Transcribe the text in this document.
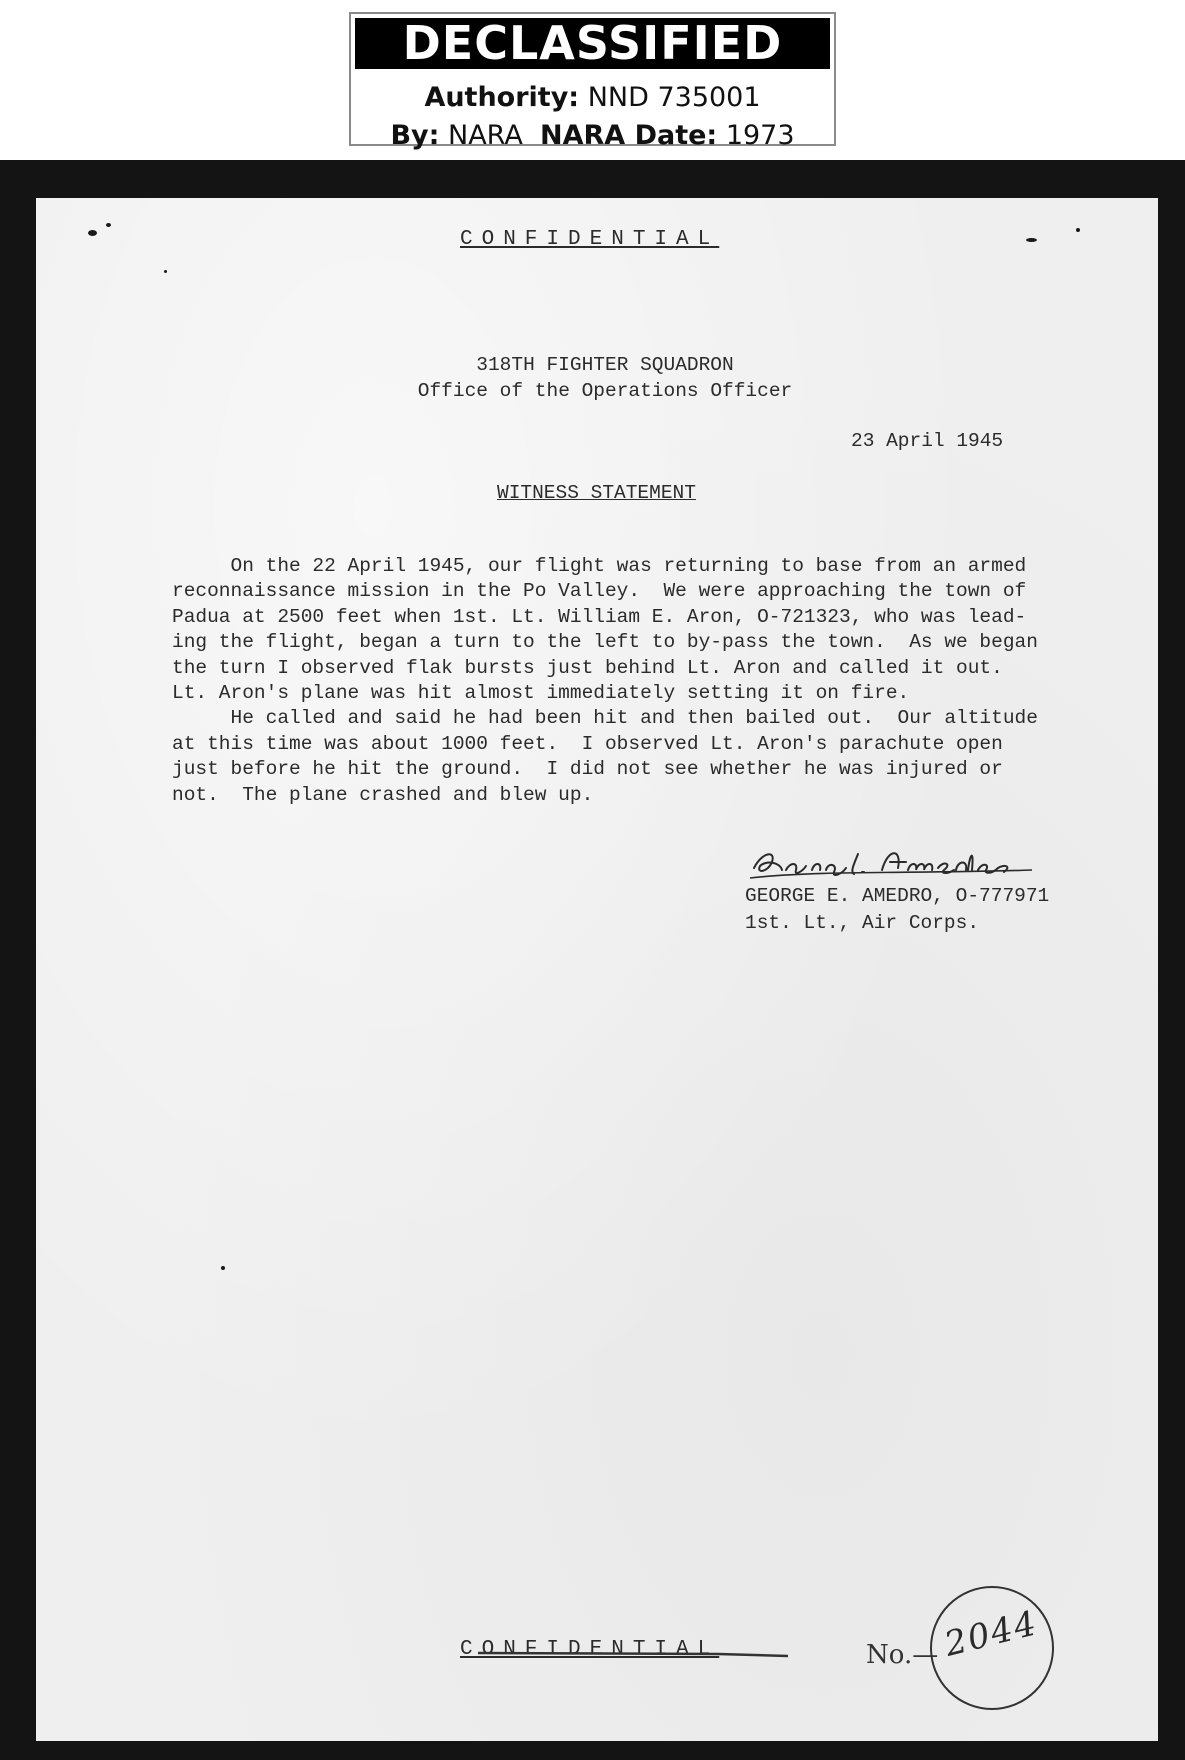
DECLASSIFIED
Authority: NND 735001
By: NARA NARA Date: 1973
CONFIDENTIAL
318TH FIGHTER SQUADRON
Office of the Operations Officer
23 April 1945
WITNESS STATEMENT
On the 22 April 1945, our flight was returning to base from an armed
reconnaissance mission in the Po Valley.  We were approaching the town of
Padua at 2500 feet when 1st. Lt. William E. Aron, O-721323, who was lead-
ing the flight, began a turn to the left to by-pass the town.  As we began
the turn I observed flak bursts just behind Lt. Aron and called it out.
Lt. Aron's plane was hit almost immediately setting it on fire.
He called and said he had been hit and then bailed out.  Our altitude
at this time was about 1000 feet.  I observed Lt. Aron's parachute open
just before he hit the ground.  I did not see whether he was injured or
not.  The plane crashed and blew up.
GEORGE E. AMEDRO, O-777971
1st. Lt., Air Corps.
CONFIDENTIAL	No.— 2044
